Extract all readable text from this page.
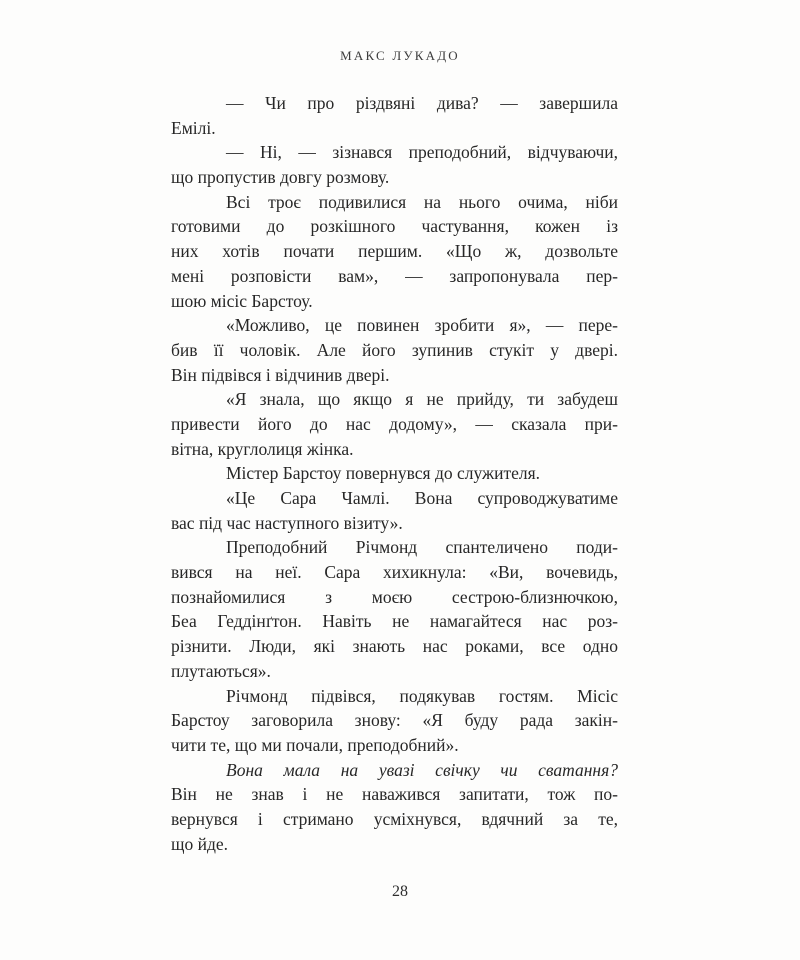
МАКС ЛУКАДО
— Чи про різдвяні дива? — завершила
Емілі.
— Ні, — зізнався преподобний, відчуваючи,
що пропустив довгу розмову.
Всі троє подивилися на нього очима, ніби
готовими до розкішного частування, кожен із
них хотів почати першим. «Що ж, дозвольте
мені розповісти вам», — запропонувала пер-
шою місіс Барстоу.
«Можливо, це повинен зробити я», — пере-
бив її чоловік. Але його зупинив стукіт у двері.
Він підвівся і відчинив двері.
«Я знала, що якщо я не прийду, ти забудеш
привести його до нас додому», — сказала при-
вітна, круглолиця жінка.
Містер Барстоу повернувся до служителя.
«Це Сара Чамлі. Вона супроводжуватиме
вас під час наступного візиту».
Преподобний Річмонд спантеличено поди-
вився на неї. Сара хихикнула: «Ви, вочевидь,
познайомилися з моєю сестрою-близнючкою,
Беа Геддінґтон. Навіть не намагайтеся нас роз-
різнити. Люди, які знають нас роками, все одно
плутаються».
Річмонд підвівся, подякував гостям. Місіс
Барстоу заговорила знову: «Я буду рада закін-
чити те, що ми почали, преподобний».
Вона мала на увазі свічку чи сватання?
Він не знав і не наважився запитати, тож по-
вернувся і стримано усміхнувся, вдячний за те,
що йде.
28
